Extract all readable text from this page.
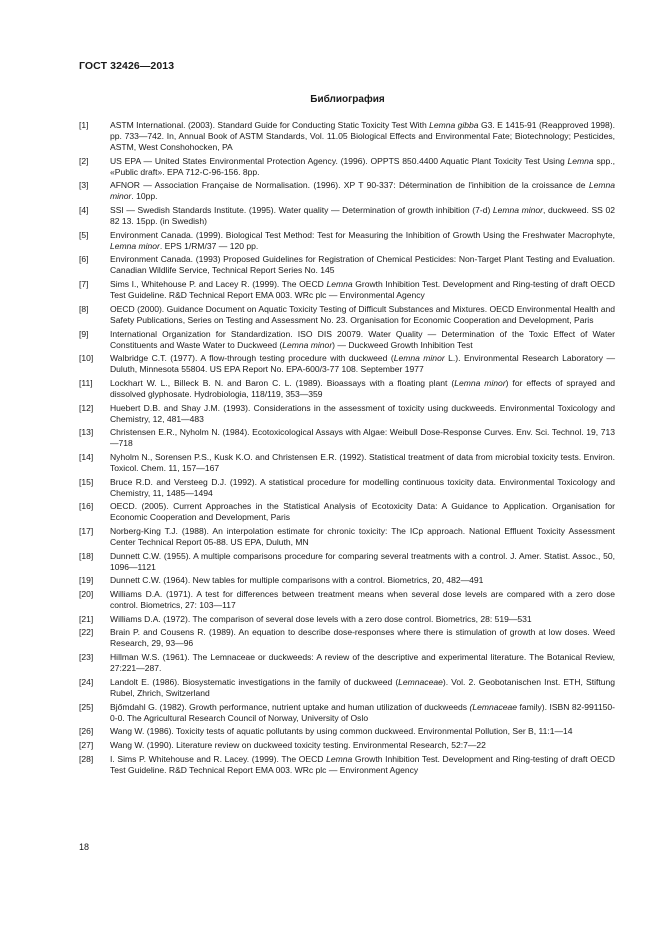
ГОСТ 32426—2013
Библиография
[1]	ASTM International. (2003). Standard Guide for Conducting Static Toxicity Test With Lemna gibba G3. E 1415-91 (Reapproved 1998). pp. 733—742. In, Annual Book of ASTM Standards, Vol. 11.05 Biological Effects and Environmental Fate; Biotechnology; Pesticides, ASTM, West Conshohocken, PA
[2]	US EPA — United States Environmental Protection Agency. (1996). OPPTS 850.4400 Aquatic Plant Toxicity Test Using Lemna spp., «Public draft». EPA 712-C-96-156. 8pp.
[3]	AFNOR — Association Française de Normalisation. (1996). XP T 90-337: Détermination de l'inhibition de la croissance de Lemna minor. 10pp.
[4]	SSI — Swedish Standards Institute. (1995). Water quality — Determination of growth inhibition (7-d) Lemna minor, duckweed. SS 02 82 13. 15pp. (in Swedish)
[5]	Environment Canada. (1999). Biological Test Method: Test for Measuring the Inhibition of Growth Using the Freshwater Macrophyte, Lemna minor. EPS 1/RM/37 — 120 pp.
[6]	Environment Canada. (1993) Proposed Guidelines for Registration of Chemical Pesticides: Non-Target Plant Testing and Evaluation. Canadian Wildlife Service, Technical Report Series No. 145
[7]	Sims I., Whitehouse P. and Lacey R. (1999). The OECD Lemna Growth Inhibition Test. Development and Ring-testing of draft OECD Test Guideline. R&D Technical Report EMA 003. WRc plc — Environmental Agency
[8]	OECD (2000). Guidance Document on Aquatic Toxicity Testing of Difficult Substances and Mixtures. OECD Environmental Health and Safety Publications, Series on Testing and Assessment No. 23. Organisation for Economic Cooperation and Development, Paris
[9]	International Organization for Standardization. ISO DIS 20079. Water Quality — Determination of the Toxic Effect of Water Constituents and Waste Water to Duckweed (Lemna minor) — Duckweed Growth Inhibition Test
[10]	Walbridge C.T. (1977). A flow-through testing procedure with duckweed (Lemna minor L.). Environmental Research Laboratory — Duluth, Minnesota 55804. US EPA Report No. EPA-600/3-77 108. September 1977
[11]	Lockhart W. L., Billeck B. N. and Baron C. L. (1989). Bioassays with a floating plant (Lemna minor) for effects of sprayed and dissolved glyphosate. Hydrobiologia, 118/119, 353—359
[12]	Huebert D.B. and Shay J.M. (1993). Considerations in the assessment of toxicity using duckweeds. Environmental Toxicology and Chemistry, 12, 481—483
[13]	Christensen E.R., Nyholm N. (1984). Ecotoxicological Assays with Algae: Weibull Dose-Response Curves. Env. Sci. Technol. 19, 713—718
[14]	Nyholm N., Sorensen P.S., Kusk K.O. and Christensen E.R. (1992). Statistical treatment of data from microbial toxicity tests. Environ. Toxicol. Chem. 11, 157—167
[15]	Bruce R.D. and Versteeg D.J. (1992). A statistical procedure for modelling continuous toxicity data. Environmental Toxicology and Chemistry, 11, 1485—1494
[16]	OECD. (2005). Current Approaches in the Statistical Analysis of Ecotoxicity Data: A Guidance to Application. Organisation for Economic Cooperation and Development, Paris
[17]	Norberg-King T.J. (1988). An interpolation estimate for chronic toxicity: The ICp approach. National Effluent Toxicity Assessment Center Technical Report 05-88. US EPA, Duluth, MN
[18]	Dunnett C.W. (1955). A multiple comparisons procedure for comparing several treatments with a control. J. Amer. Statist. Assoc., 50, 1096—1121
[19]	Dunnett C.W. (1964). New tables for multiple comparisons with a control. Biometrics, 20, 482—491
[20]	Williams D.A. (1971). A test for differences between treatment means when several dose levels are compared with a zero dose control. Biometrics, 27: 103—117
[21]	Williams D.A. (1972). The comparison of several dose levels with a zero dose control. Biometrics, 28: 519—531
[22]	Brain P. and Cousens R. (1989). An equation to describe dose-responses where there is stimulation of growth at low doses. Weed Research, 29, 93—96
[23]	Hillman W.S. (1961). The Lemnaceae or duckweeds: A review of the descriptive and experimental literature. The Botanical Review, 27:221—287.
[24]	Landolt E. (1986). Biosystematic investigations in the family of duckweed (Lemnaceae). Vol. 2. Geobotanischen Inst. ETH, Stiftung Rubel, Zhrich, Switzerland
[25]	Bjőmdahl G. (1982). Growth performance, nutrient uptake and human utilization of duckweeds (Lemnaceae family). ISBN 82-991150-0-0. The Agricultural Research Council of Norway, University of Oslo
[26]	Wang W. (1986). Toxicity tests of aquatic pollutants by using common duckweed. Environmental Pollution, Ser B, 11:1—14
[27]	Wang W. (1990). Literature review on duckweed toxicity testing. Environmental Research, 52:7—22
[28]	I. Sims P. Whitehouse and R. Lacey. (1999). The OECD Lemna Growth Inhibition Test. Development and Ring-testing of draft OECD Test Guideline. R&D Technical Report EMA 003. WRc plc — Environment Agency
18
